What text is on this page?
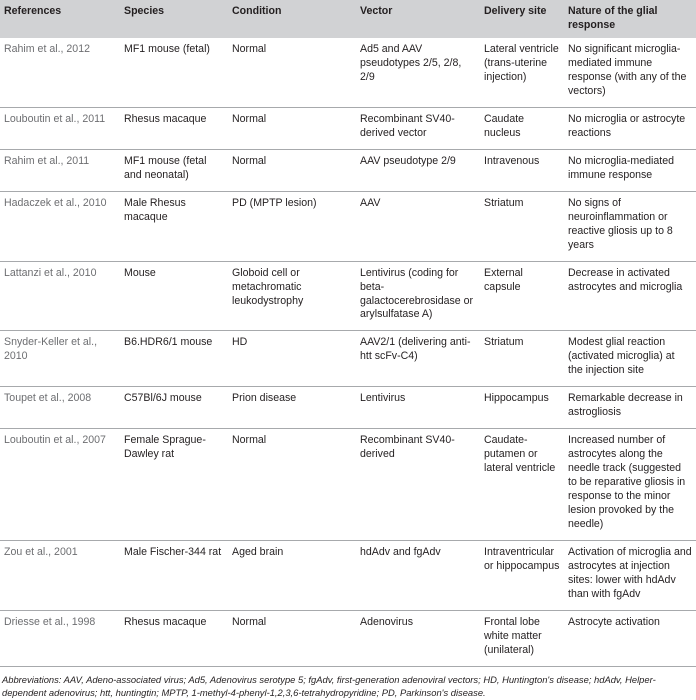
References	Species	Condition	Vector	Delivery site	Nature of the glial response
Rahim et al., 2012	MF1 mouse (fetal)	Normal	Ad5 and AAV pseudotypes 2/5, 2/8, 2/9	Lateral ventricle (trans-uterine injection)	No significant microglia-mediated immune response (with any of the vectors)
Louboutin et al., 2011	Rhesus macaque	Normal	Recombinant SV40-derived vector	Caudate nucleus	No microglia or astrocyte reactions
Rahim et al., 2011	MF1 mouse (fetal and neonatal)	Normal	AAV pseudotype 2/9	Intravenous	No microglia-mediated immune response
Hadaczek et al., 2010	Male Rhesus macaque	PD (MPTP lesion)	AAV	Striatum	No signs of neuroinflammation or reactive gliosis up to 8 years
Lattanzi et al., 2010	Mouse	Globoid cell or metachromatic leukodystrophy	Lentivirus (coding for beta-galactocerebrosidase or arylsulfatase A)	External capsule	Decrease in activated astrocytes and microglia
Snyder-Keller et al., 2010	B6.HDR6/1 mouse	HD	AAV2/1 (delivering anti-htt scFv-C4)	Striatum	Modest glial reaction (activated microglia) at the injection site
Toupet et al., 2008	C57Bl/6J mouse	Prion disease	Lentivirus	Hippocampus	Remarkable decrease in astrogliosis
Louboutin et al., 2007	Female Sprague-Dawley rat	Normal	Recombinant SV40-derived	Caudate-putamen or lateral ventricle	Increased number of astrocytes along the needle track (suggested to be reparative gliosis in response to the minor lesion provoked by the needle)
Zou et al., 2001	Male Fischer-344 rat	Aged brain	hdAdv and fgAdv	Intraventricular or hippocampus	Activation of microglia and astrocytes at injection sites: lower with hdAdv than with fgAdv
Driesse et al., 1998	Rhesus macaque	Normal	Adenovirus	Frontal lobe white matter (unilateral)	Astrocyte activation
Abbreviations: AAV, Adeno-associated virus; Ad5, Adenovirus serotype 5; fgAdv, first-generation adenoviral vectors; HD, Huntington's disease; hdAdv, Helper-dependent adenovirus; htt, huntingtin; MPTP, 1-methyl-4-phenyl-1,2,3,6-tetrahydropyridine; PD, Parkinson's disease.
